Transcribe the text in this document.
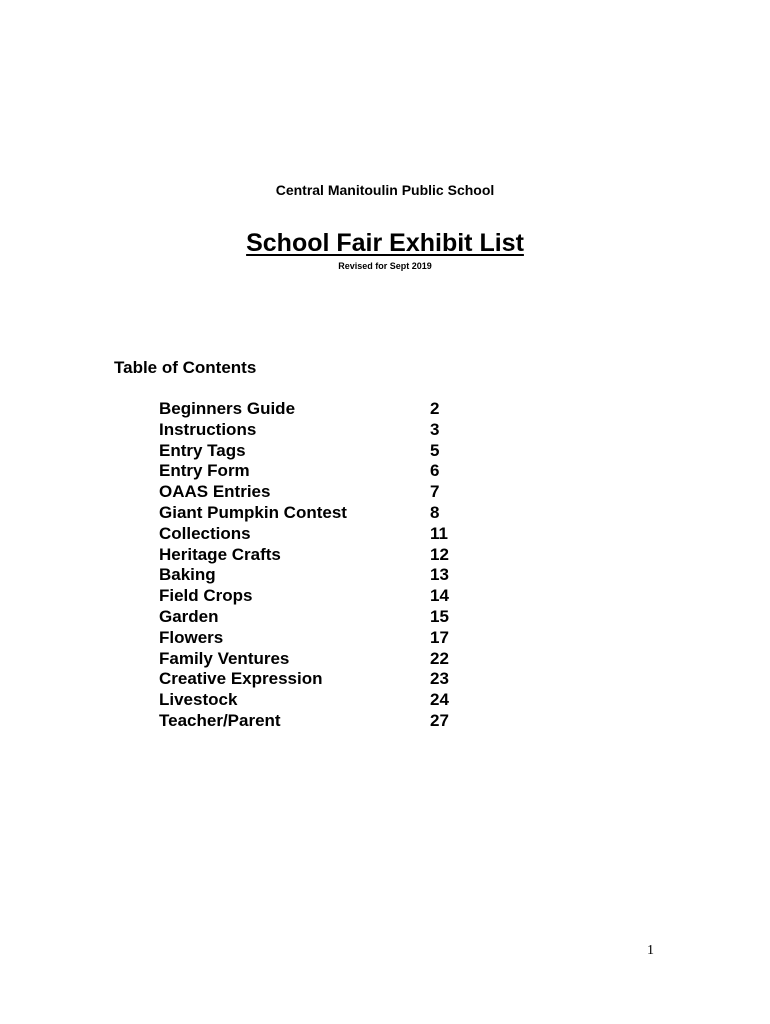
Central Manitoulin Public School
School Fair Exhibit List
Revised for Sept 2019
Table of Contents
Beginners Guide	2
Instructions	3
Entry Tags	5
Entry Form	6
OAAS Entries	7
Giant Pumpkin Contest	8
Collections	11
Heritage Crafts	12
Baking	13
Field Crops	14
Garden	15
Flowers	17
Family Ventures	22
Creative Expression	23
Livestock	24
Teacher/Parent	27
1
